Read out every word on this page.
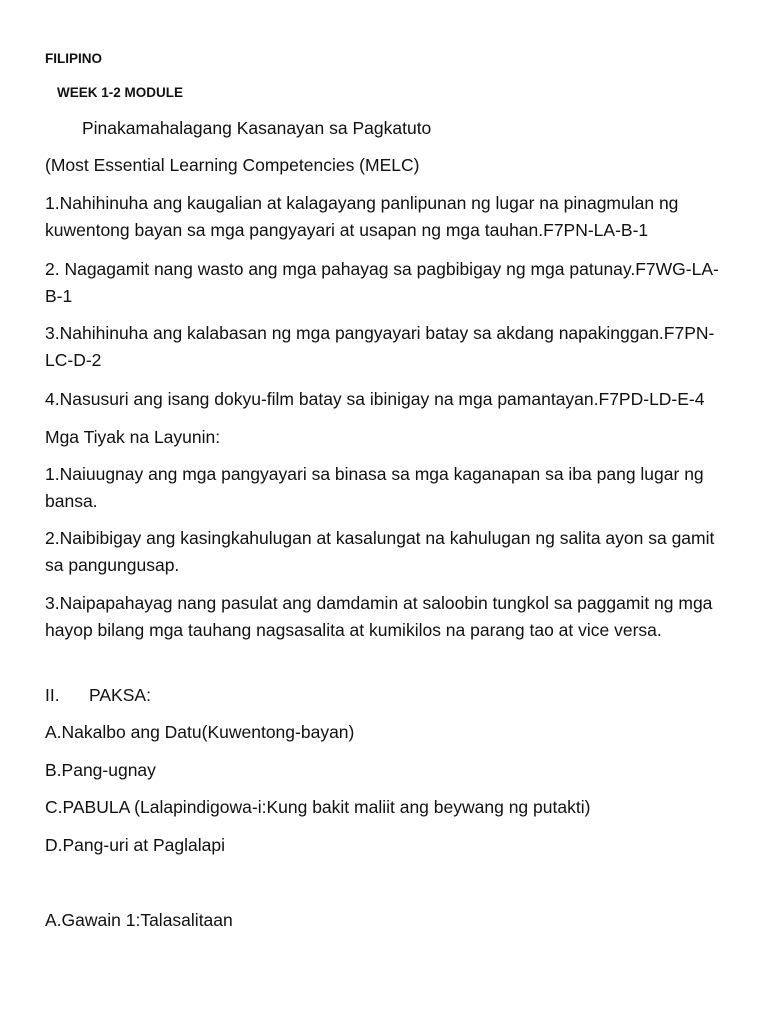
FILIPINO
WEEK 1-2 MODULE
Pinakamahalagang Kasanayan sa Pagkatuto
(Most Essential Learning Competencies (MELC)
1.Nahihinuha ang kaugalian at kalagayang panlipunan ng lugar na pinagmulan ng kuwentong bayan sa mga pangyayari at usapan ng mga tauhan.F7PN-LA-B-1
2. Nagagamit nang wasto ang mga pahayag sa pagbibigay ng mga patunay.F7WG-LA-B-1
3.Nahihinuha ang kalabasan ng mga pangyayari batay sa akdang napakinggan.F7PN-LC-D-2
4.Nasusuri ang isang dokyu-film batay sa ibinigay na mga pamantayan.F7PD-LD-E-4
Mga Tiyak na Layunin:
1.Naiuugnay ang mga pangyayari sa binasa sa mga kaganapan sa iba pang lugar ng bansa.
2.Naibibigay ang kasingkahulugan at kasalungat na kahulugan ng salita ayon sa gamit sa pangungusap.
3.Naipapahayag nang pasulat ang damdamin at saloobin tungkol sa paggamit ng mga hayop bilang mga tauhang nagsasalita at kumikilos na parang tao at vice versa.
II. PAKSA:
A.Nakalbo ang Datu(Kuwentong-bayan)
B.Pang-ugnay
C.PABULA (Lalapindigowa-i:Kung bakit maliit ang beywang ng putakti)
D.Pang-uri at Paglalapi
A.Gawain 1:Talasalitaan
